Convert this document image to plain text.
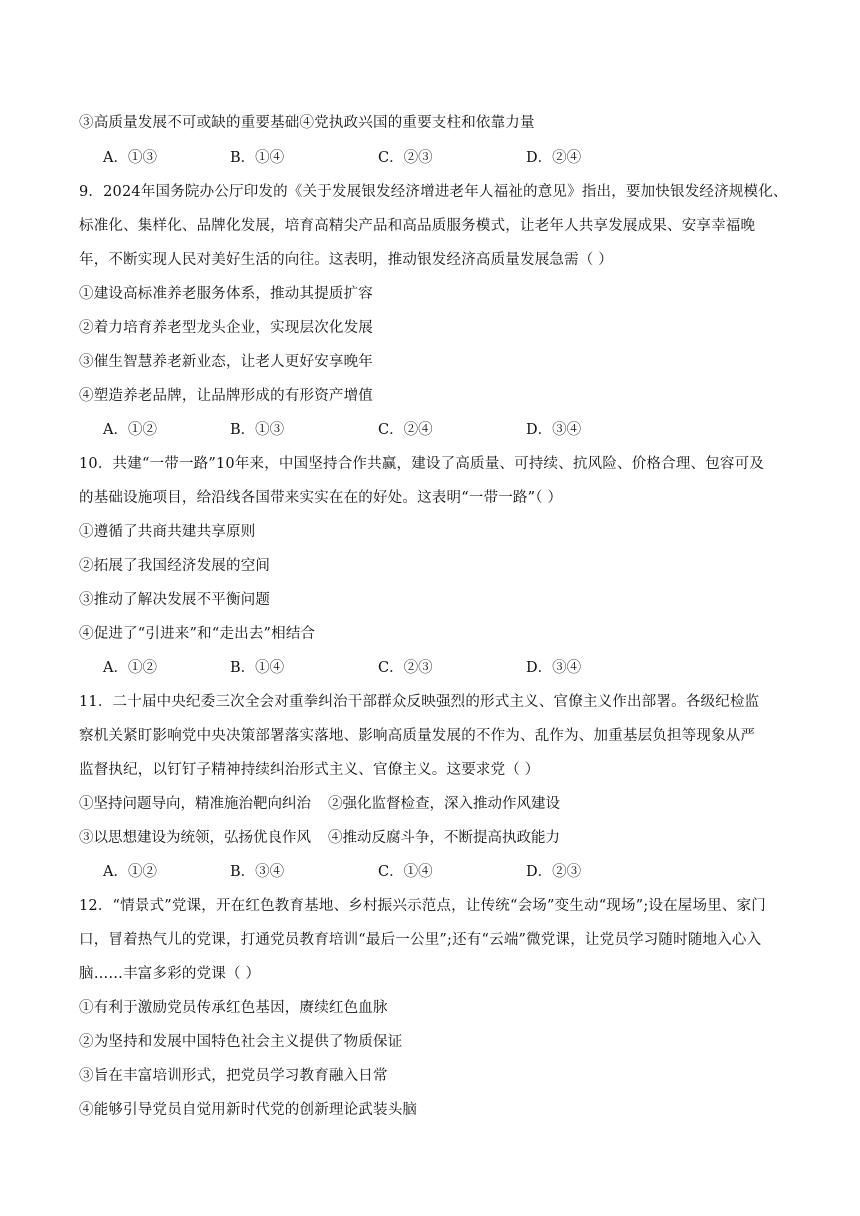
③高质量发展不可或缺的重要基础④党执政兴国的重要支柱和依靠力量
A．①③	B．①④	C．②③	D．②④
9．2024年国务院办公厅印发的《关于发展银发经济增进老年人福祉的意见》指出，要加快银发经济规模化、
标准化、集样化、品牌化发展，培育高精尖产品和高品质服务模式，让老年人共享发展成果、安享幸福晚
年，不断实现人民对美好生活的向往。这表明，推动银发经济高质量发展急需（ ）
①建设高标准养老服务体系，推动其提质扩容
②着力培育养老型龙头企业，实现层次化发展
③催生智慧养老新业态，让老人更好安享晚年
④塑造养老品牌，让品牌形成的有形资产增值
A．①②	B．①③	C．②④	D．③④
10．共建“一带一路”10年来，中国坚持合作共赢，建设了高质量、可持续、抗风险、价格合理、包容可及
的基础设施项目，给沿线各国带来实实在在的好处。这表明“一带一路”（ ）
①遵循了共商共建共享原则
②拓展了我国经济发展的空间
③推动了解决发展不平衡问题
④促进了“引进来”和“走出去”相结合
A．①②	B．①④	C．②③	D．③④
11．二十届中央纪委三次全会对重拳纠治干部群众反映强烈的形式主义、官僚主义作出部署。各级纪检监
察机关紧盯影响党中央决策部署落实落地、影响高质量发展的不作为、乱作为、加重基层负担等现象从严
监督执纪，以钉钉子精神持续纠治形式主义、官僚主义。这要求党（ ）
①坚持问题导向，精准施治靶向纠治 ②强化监督检查，深入推动作风建设
③以思想建设为统领，弘扬优良作风 ④推动反腐斗争，不断提高执政能力
A．①②	B．③④	C．①④	D．②③
12．“情景式”党课，开在红色教育基地、乡村振兴示范点，让传统“会场”变生动“现场”;设在屋场里、家门
口，冒着热气儿的党课，打通党员教育培训“最后一公里”;还有“云端”微党课，让党员学习随时随地入心入
脑……丰富多彩的党课（ ）
①有利于激励党员传承红色基因，赓续红色血脉
②为坚持和发展中国特色社会主义提供了物质保证
③旨在丰富培训形式，把党员学习教育融入日常
④能够引导党员自觉用新时代党的创新理论武装头脑
